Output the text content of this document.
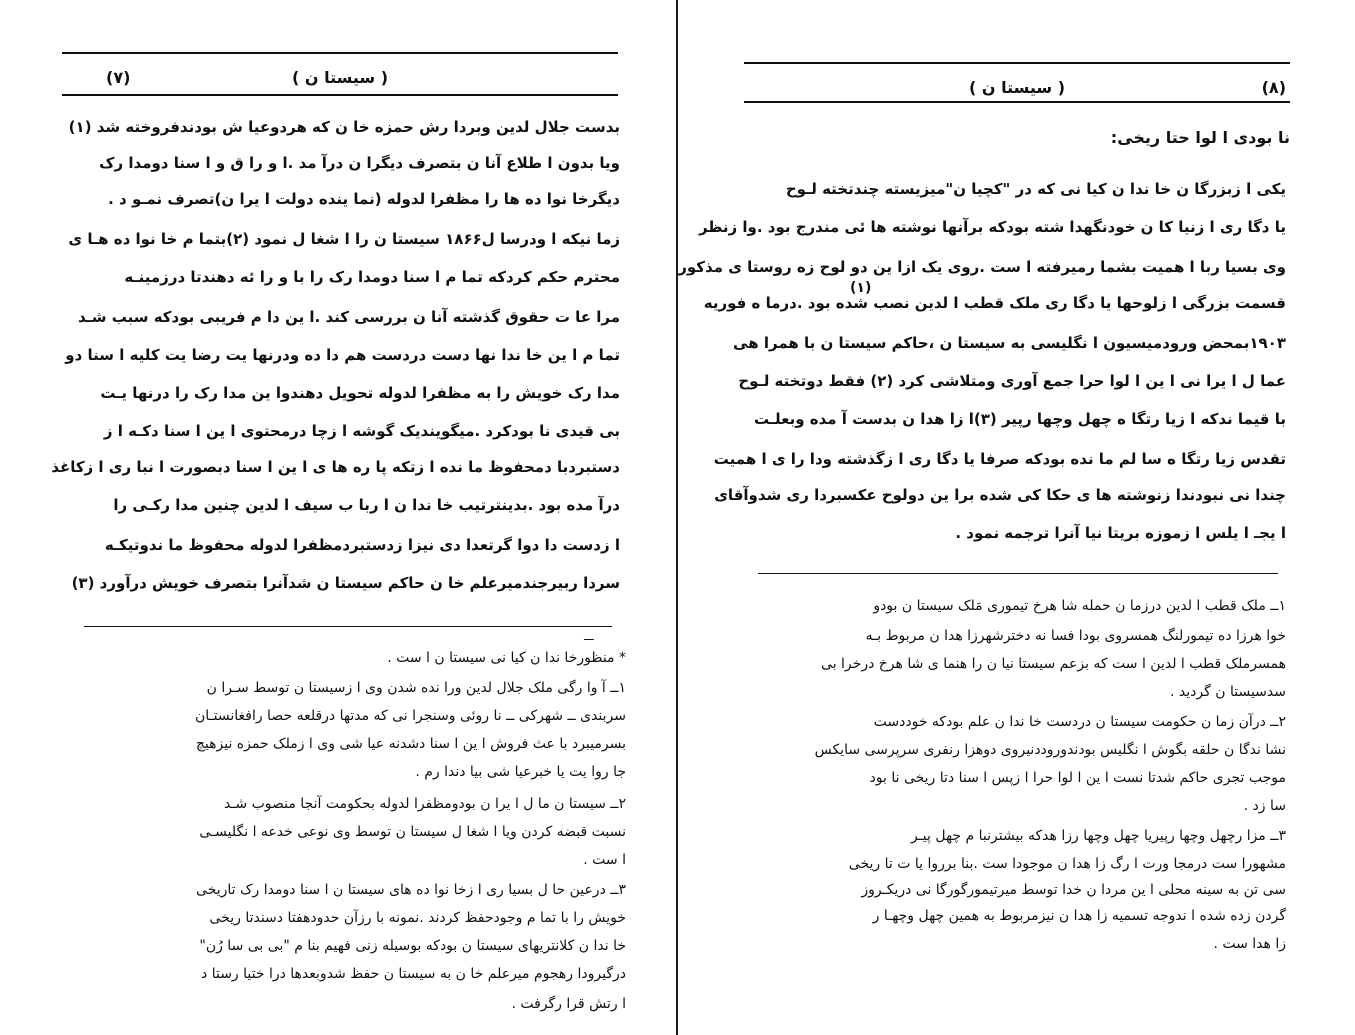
( سیستا ن )
(۷)
بدست جلال لدین وبردا رش حمزه خا ن که هردوعیا ش بودندفروخته شد (۱)
ویا بدون ا طلاع آنا ن بتصرف دیگرا ن درآ مد .ا و را ق و ا سنا دومدا رک
دیگرخا نوا ده ها را مظفرا لدوله (نما ینده دولت ا یرا ن)تصرف نمـو د .
زما نیکه ا ودرسا ل۱۸۶۶ سیستا ن را ا شغا ل نمود (۲)بتما م خا نوا ده هـا ی
محترم حکم کردکه تما م ا سنا دومدا رک را با و را ئه دهندتا درزمینـه
مرا عا ت حقوق گذشته آنا ن بررسی کند .ا ین دا م فریبی بودکه سبب شـد
تما م ا ین خا ندا نها دست دردست هم دا ده ودرنها یت رضا یت کلیه ا سنا دو
مدا رک خویش را به مظفرا لدوله تحویل دهندوا ین مدا رک را درنها یـت
بی قیدی نا بودکرد .میگویندیک گوشه ا زچا درمحتوی ا ین ا سنا دکـه ا ز
دستبردبا دمحفوظ ما نده ا زتکه پا ره ها ی ا ین ا سنا دبصورت ا نبا ری ا زکاغذ
درآ مده بود .بدینترتیب خا ندا ن ا ربا ب سیف ا لدین چنین مدا رکـی را
ا زدست دا دوا گرتعدا دی نیزا زدستبردمظفرا لدوله محفوظ ما ندوتیکـه
سردا ربیرجندمیرعلم خا ن حاکم سیستا ن شدآنرا بتصرف خویش درآورد (۳)
ـــ
* منظورخا ندا ن کیا نی سیستا ن ا ست .
۱ــ آ وا رگی ملک جلال لدین ورا نده شدن وی ا زسیستا ن توسط سـرا ن
سربندی ــ شهرکی ــ نا روئی وسنجرا نی که مدتها درقلعه حصا رافغانستـان
بسرمیبرد با عث فروش ا ین ا سنا دشدنه عیا شی وی ا زملک حمزه نیزهیچ
جا روا یت یا خبرعیا شی بیا دندا رم .
۲ــ سیستا ن ما ل ا یرا ن بودومظفرا لدوله بحکومت آنجا منصوب شـد
نسبت قبضه کردن ویا ا شغا ل سیستا ن توسط وی نوعی خدعه ا نگلیسـی
ا ست .
۳ــ درعین حا ل بسیا ری ا زخا نوا ده های سیستا ن ا سنا دومدا رک تاریخی
خویش را با تما م وجودحفظ کردند .نمونه با رزآن حدودهفتا دسندتا ریخی
خا ندا ن کلانتریهای سیستا ن بودکه بوسیله زنی فهیم بنا م "بی بی سا رُن"
درگیرودا رهجوم میرعلم خا ن به سیستا ن حفظ شدوبعدها درا ختیا رستا د
ا رتش قرا رگرفت .
( سیستا ن )	(۸)
نا بودی ا لوا حتا ریخی:
یکی ا زبزرگا ن خا ندا ن کیا نی که در "کچیا ن"میزیسته چندتخته لـوح
یا دگا ری ا زنیا کا ن خودنگهدا شته بودکه برآنها نوشته ها ئی مندرج بود .وا زنظر
وی بسیا ربا ا همیت بشما رمیرفته ا ست .روی یک ازا ین دو لوح زه روستا ی مذکور
قسمت بزرگی ا زلوحها یا دگا ری ملک قطب ا لدین نصب شده بود .درما ه فوریه
۱۹۰۳بمحض ورودمیسیون ا نگلیسی به سیستا ن ،حاکم سیستا ن با همرا هی
عما ل ا یرا نی ا ین ا لوا حرا جمع آوری ومتلاشی کرد (۲) فقط دوتخته لـوح
با قیما ندکه ا زیا رتگا ه چهل وچها رپیر (۳)ا زا هدا ن بدست آ مده وبعلـت
تقدس زیا رتگا ه سا لم ما نده بودکه صرفا یا دگا ری ا زگذشته ودا را ی ا همیت
چندا نی نبودندا زنوشته ها ی حکا کی شده برا ین دولوح عکسبردا ری شدوآقای
ا یجـ ا یلس ا زموزه بریتا نیا آنرا ترجمه نمود .
(۱)
۱ــ ملک قطب ا لدین درزما ن حمله شا هرخ تیموری مَلک سیستا ن بودو
خوا هرزا ده تیمورلنگ همسروی بودا فسا نه دخترشهرزا هدا ن مربوط بـه
همسرملک قطب ا لدین ا ست که بزعم سیستا نیا ن را هنما ی شا هرخ درخرا بی
سدسیستا ن گردید .
۲ــ درآن زما ن حکومت سیستا ن دردست خا ندا ن علم بودکه خوددست
نشا ندگا ن حلقه بگوش ا نگلیس بودندوروددنیروی دوهزا رنفری سرپرسی سایکس
موجب تجری حاکم شدتا نست ا ین ا لوا حرا ا زپس ا سنا دتا ریخی نا بود
سا زد .
۳ــ مزا رچهل وچها رپیریا چهل وچها رزا هدکه بیشترنبا م چهل پیـر
مشهورا ست درمجا ورت ا رگ زا هدا ن موجودا ست .بنا برروا یا ت تا ریخی
سی تن به سینه محلی ا ین مردا ن خدا توسط میرتیمورگورگا نی دریکـروز
گردن زده شده ا ندوجه تسمیه زا هدا ن نیزمربوط به همین چهل وچهـا ر
زا هدا ست .
